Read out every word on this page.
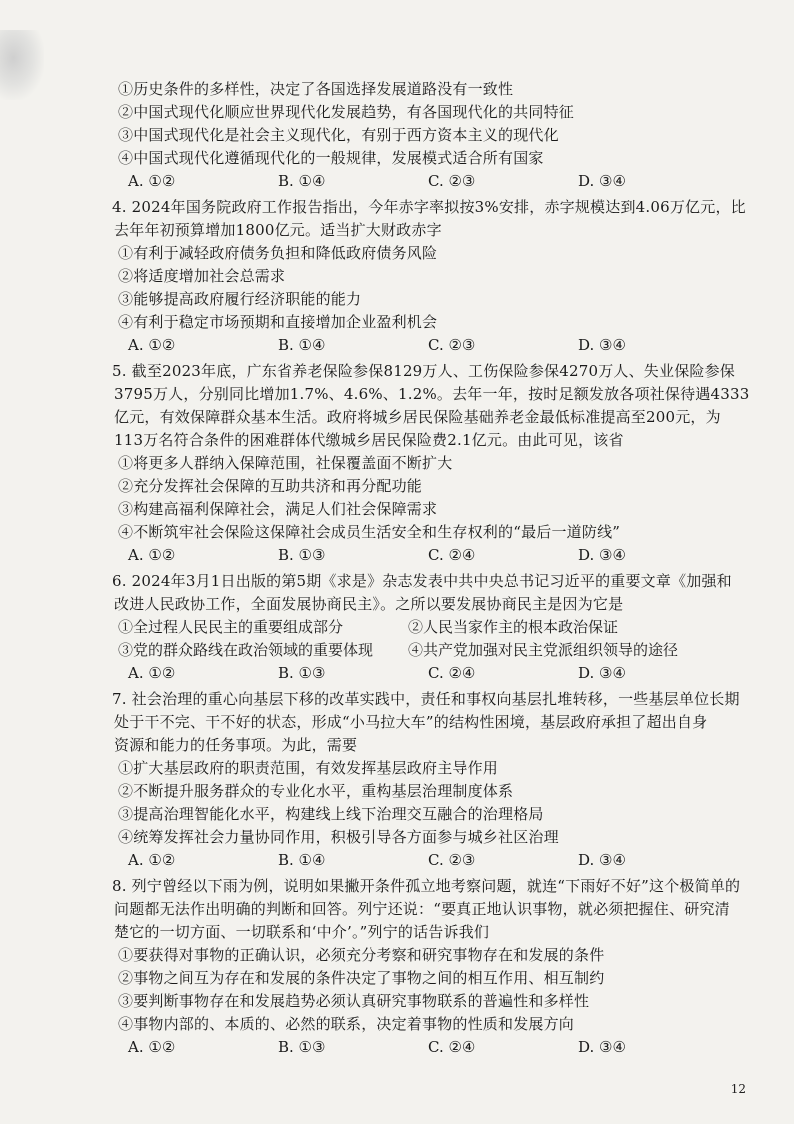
①历史条件的多样性，决定了各国选择发展道路没有一致性
②中国式现代化顺应世界现代化发展趋势，有各国现代化的共同特征
③中国式现代化是社会主义现代化，有别于西方资本主义的现代化
④中国式现代化遵循现代化的一般规律，发展模式适合所有国家
A. ①②	B. ①④	C. ②③	D. ③④
4. 2024年国务院政府工作报告指出，今年赤字率拟按3%安排，赤字规模达到4.06万亿元，比
去年年初预算增加1800亿元。适当扩大财政赤字
①有利于减轻政府债务负担和降低政府债务风险
②将适度增加社会总需求
③能够提高政府履行经济职能的能力
④有利于稳定市场预期和直接增加企业盈利机会
A. ①②	B. ①④	C. ②③	D. ③④
5. 截至2023年底，广东省养老保险参保8129万人、工伤保险参保4270万人、失业保险参保
3795万人，分别同比增加1.7%、4.6%、1.2%。去年一年，按时足额发放各项社保待遇4333
亿元，有效保障群众基本生活。政府将城乡居民保险基础养老金最低标准提高至200元，为
113万名符合条件的困难群体代缴城乡居民保险费2.1亿元。由此可见，该省
①将更多人群纳入保障范围，社保覆盖面不断扩大
②充分发挥社会保障的互助共济和再分配功能
③构建高福利保障社会，满足人们社会保障需求
④不断筑牢社会保险这保障社会成员生活安全和生存权利的“最后一道防线”
A. ①②	B. ①③	C. ②④	D. ③④
6. 2024年3月1日出版的第5期《求是》杂志发表中共中央总书记习近平的重要文章《加强和
改进人民政协工作，全面发展协商民主》。之所以要发展协商民主是因为它是
①全过程人民民主的重要组成部分	②人民当家作主的根本政治保证
③党的群众路线在政治领域的重要体现	④共产党加强对民主党派组织领导的途径
A. ①②	B. ①③	C. ②④	D. ③④
7. 社会治理的重心向基层下移的改革实践中，责任和事权向基层扎堆转移，一些基层单位长期
处于干不完、干不好的状态，形成“小马拉大车”的结构性困境，基层政府承担了超出自身
资源和能力的任务事项。为此，需要
①扩大基层政府的职责范围，有效发挥基层政府主导作用
②不断提升服务群众的专业化水平，重构基层治理制度体系
③提高治理智能化水平，构建线上线下治理交互融合的治理格局
④统筹发挥社会力量协同作用，积极引导各方面参与城乡社区治理
A. ①②	B. ①④	C. ②③	D. ③④
8. 列宁曾经以下雨为例，说明如果撇开条件孤立地考察问题，就连“下雨好不好”这个极简单的
问题都无法作出明确的判断和回答。列宁还说：“要真正地认识事物，就必须把握住、研究清
楚它的一切方面、一切联系和‘中介’。”列宁的话告诉我们
①要获得对事物的正确认识，必须充分考察和研究事物存在和发展的条件
②事物之间互为存在和发展的条件决定了事物之间的相互作用、相互制约
③要判断事物存在和发展趋势必须认真研究事物联系的普遍性和多样性
④事物内部的、本质的、必然的联系，决定着事物的性质和发展方向
A. ①②	B. ①③	C. ②④	D. ③④
12
